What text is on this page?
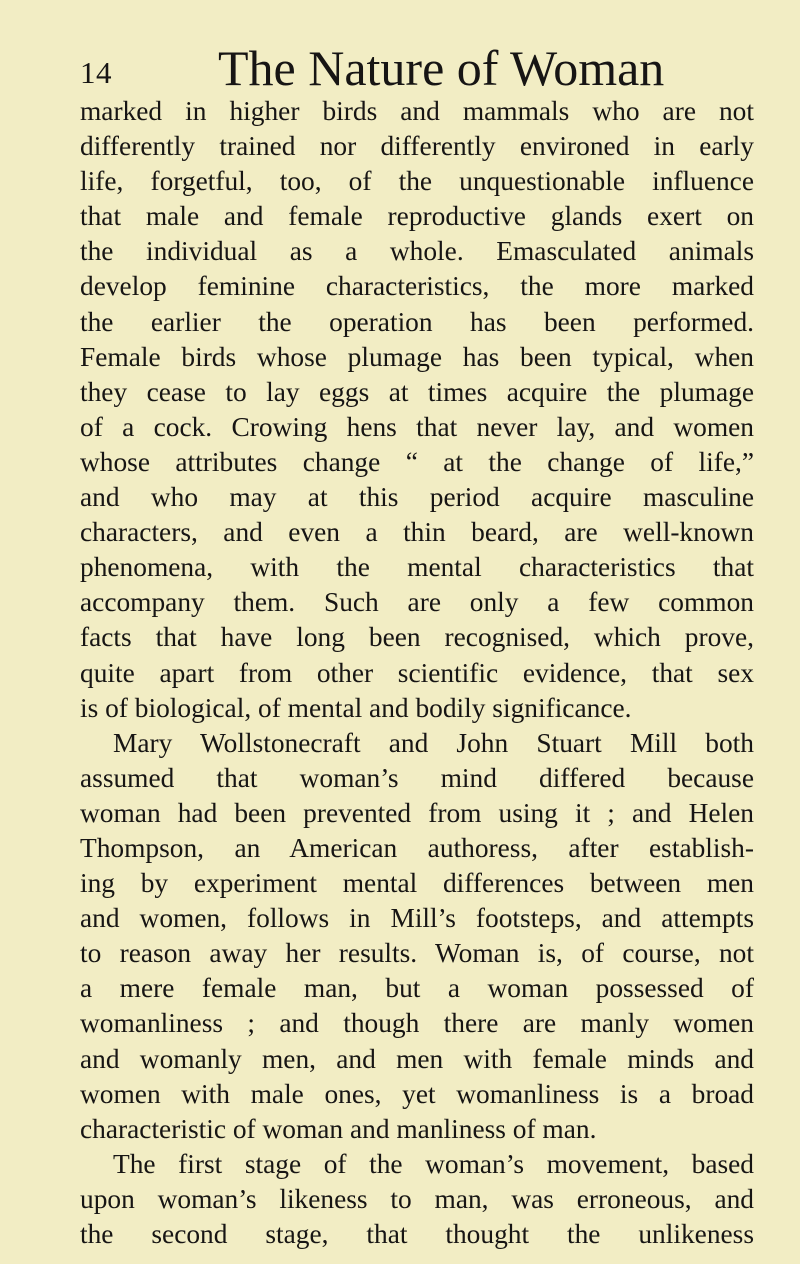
14 The Nature of Woman
marked in higher birds and mammals who are not
differently trained nor differently environed in early
life, forgetful, too, of the unquestionable influence
that male and female reproductive glands exert on
the individual as a whole. Emasculated animals
develop feminine characteristics, the more marked
the earlier the operation has been performed.
Female birds whose plumage has been typical, when
they cease to lay eggs at times acquire the plumage
of a cock. Crowing hens that never lay, and women
whose attributes change “ at the change of life,”
and who may at this period acquire masculine
characters, and even a thin beard, are well-known
phenomena, with the mental characteristics that
accompany them. Such are only a few common
facts that have long been recognised, which prove,
quite apart from other scientific evidence, that sex
is of biological, of mental and bodily significance.
Mary Wollstonecraft and John Stuart Mill both
assumed that woman’s mind differed because
woman had been prevented from using it ; and Helen
Thompson, an American authoress, after establish-
ing by experiment mental differences between men
and women, follows in Mill’s footsteps, and attempts
to reason away her results. Woman is, of course, not
a mere female man, but a woman possessed of
womanliness ; and though there are manly women
and womanly men, and men with female minds and
women with male ones, yet womanliness is a broad
characteristic of woman and manliness of man.
The first stage of the woman’s movement, based
upon woman’s likeness to man, was erroneous, and
the second stage, that thought the unlikeness
